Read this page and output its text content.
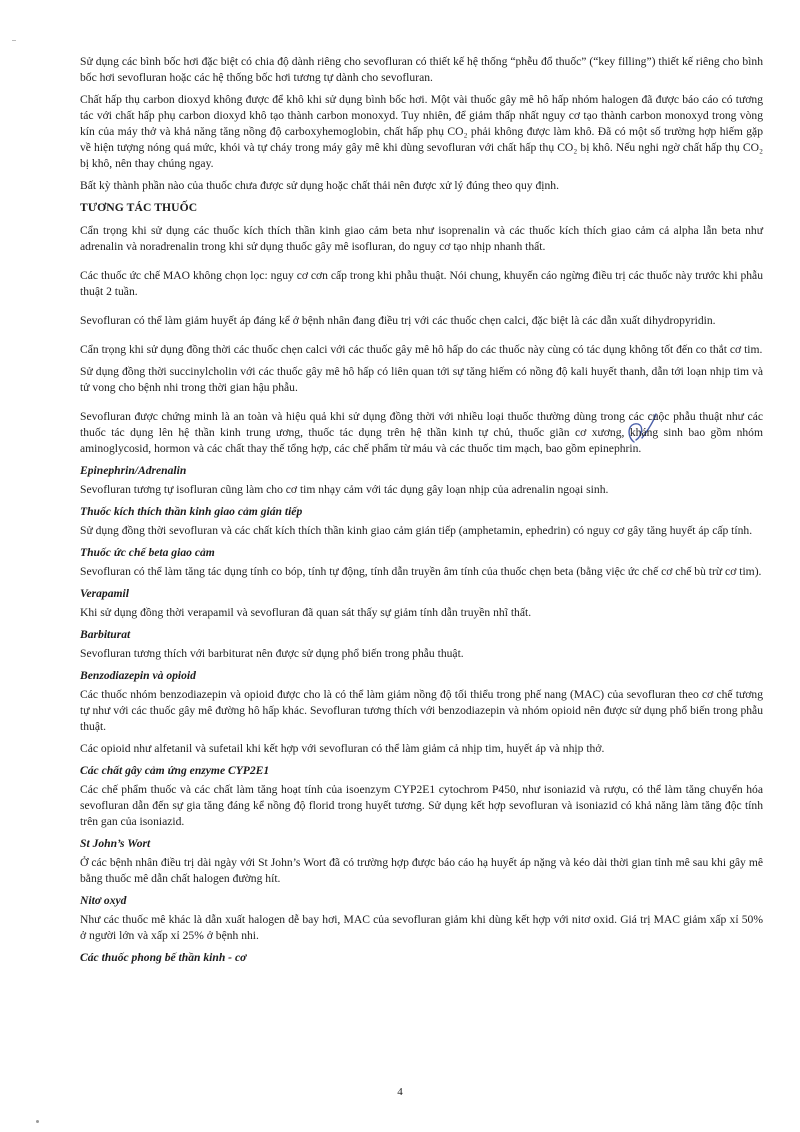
Sử dụng các bình bốc hơi đặc biệt có chia độ dành riêng cho sevofluran có thiết kế hệ thống “phễu đổ thuốc” (“key filling”) thiết kế riêng cho bình bốc hơi sevofluran hoặc các hệ thống bốc hơi tương tự dành cho sevofluran.

Chất hấp thụ carbon dioxyd không được để khô khi sử dụng bình bốc hơi. Một vài thuốc gây mê hô hấp nhóm halogen đã được báo cáo có tương tác với chất hấp phụ carbon dioxyd khô tạo thành carbon monoxyd. Tuy nhiên, để giảm thấp nhất nguy cơ tạo thành carbon monoxyd trong vòng kín của máy thở và khả năng tăng nồng độ carboxyhemoglobin, chất hấp phụ CO₂ phải không được làm khô. Đã có một số trường hợp hiếm gặp về hiện tượng nóng quá mức, khói và tự cháy trong máy gây mê khi dùng sevofluran với chất hấp thụ CO₂ bị khô. Nếu nghi ngờ chất hấp thụ CO₂ bị khô, nên thay chúng ngay.

Bất kỳ thành phần nào của thuốc chưa được sử dụng hoặc chất thải nên được xử lý đúng theo quy định.

TƯƠNG TÁC THUỐC

Cẩn trọng khi sử dụng các thuốc kích thích thần kinh giao cảm beta như isoprenalin và các thuốc kích thích giao cảm cả alpha lẫn beta như adrenalin và noradrenalin trong khi sử dụng thuốc gây mê isofluran, do nguy cơ tạo nhịp nhanh thất.

Các thuốc ức chế MAO không chọn lọc: nguy cơ cơn cấp trong khi phẫu thuật. Nói chung, khuyến cáo ngừng điều trị các thuốc này trước khi phẫu thuật 2 tuần.

Sevofluran có thể làm giảm huyết áp đáng kể ở bệnh nhân đang điều trị với các thuốc chẹn calci, đặc biệt là các dẫn xuất dihydropyridin.

Cẩn trọng khi sử dụng đồng thời các thuốc chẹn calci với các thuốc gây mê hô hấp do các thuốc này cùng có tác dụng không tốt đến co thắt cơ tim.

Sử dụng đồng thời succinylcholin với các thuốc gây mê hô hấp có liên quan tới sự tăng hiếm có nồng độ kali huyết thanh, dẫn tới loạn nhịp tim và tử vong cho bệnh nhi trong thời gian hậu phẫu.

Sevofluran được chứng minh là an toàn và hiệu quả khi sử dụng đồng thời với nhiều loại thuốc thường dùng trong các cuộc phẫu thuật như các thuốc tác dụng lên hệ thần kinh trung ương, thuốc tác dụng trên hệ thần kinh tự chủ, thuốc giãn cơ xương, kháng sinh bao gồm nhóm aminoglycosid, hormon và các chất thay thế tổng hợp, các chế phẩm từ máu và các thuốc tim mạch, bao gồm epinephrin.

Epinephrin/Adrenalin

Sevofluran tương tự isofluran cũng làm cho cơ tim nhạy cảm với tác dụng gây loạn nhịp của adrenalin ngoại sinh.

Thuốc kích thích thần kinh giao cảm gián tiếp

Sử dụng đồng thời sevofluran và các chất kích thích thần kinh giao cảm gián tiếp (amphetamin, ephedrin) có nguy cơ gây tăng huyết áp cấp tính.

Thuốc ức chế beta giao cảm

Sevofluran có thể làm tăng tác dụng tính co bóp, tính tự động, tính dẫn truyền âm tính của thuốc chẹn beta (bằng việc ức chế cơ chế bù trừ cơ tim).

Verapamil

Khi sử dụng đồng thời verapamil và sevofluran đã quan sát thấy sự giảm tính dẫn truyền nhĩ thất.

Barbiturat

Sevofluran tương thích với barbiturat nên được sử dụng phổ biến trong phẫu thuật.

Benzodiazepin và opioid

Các thuốc nhóm benzodiazepin và opioid được cho là có thể làm giảm nồng độ tối thiểu trong phế nang (MAC) của sevofluran theo cơ chế tương tự như với các thuốc gây mê đường hô hấp khác. Sevofluran tương thích với benzodiazepin và nhóm opioid nên được sử dụng phổ biến trong phẫu thuật.

Các opioid như alfetanil và sufetail khi kết hợp với sevofluran có thể làm giảm cả nhịp tim, huyết áp và nhịp thở.

Các chất gây cảm ứng enzyme CYP2E1

Các chế phẩm thuốc và các chất làm tăng hoạt tính của isoenzym CYP2E1 cytochrom P450, như isoniazid và rượu, có thể làm tăng chuyển hóa sevofluran dẫn đến sự gia tăng đáng kể nồng độ florid trong huyết tương. Sử dụng kết hợp sevofluran và isoniazid có khả năng làm tăng độc tính trên gan của isoniazid.

St John’s Wort

Ở các bệnh nhân điều trị dài ngày với St John’s Wort đã có trường hợp được báo cáo hạ huyết áp nặng và kéo dài thời gian tỉnh mê sau khi gây mê bằng thuốc mê dẫn chất halogen đường hít.

Nitơ oxyd

Như các thuốc mê khác là dẫn xuất halogen dễ bay hơi, MAC của sevofluran giảm khi dùng kết hợp với nitơ oxid. Giá trị MAC giảm xấp xỉ 50% ở người lớn và xấp xỉ 25% ở bệnh nhi.

Các thuốc phong bế thần kinh - cơ
4
